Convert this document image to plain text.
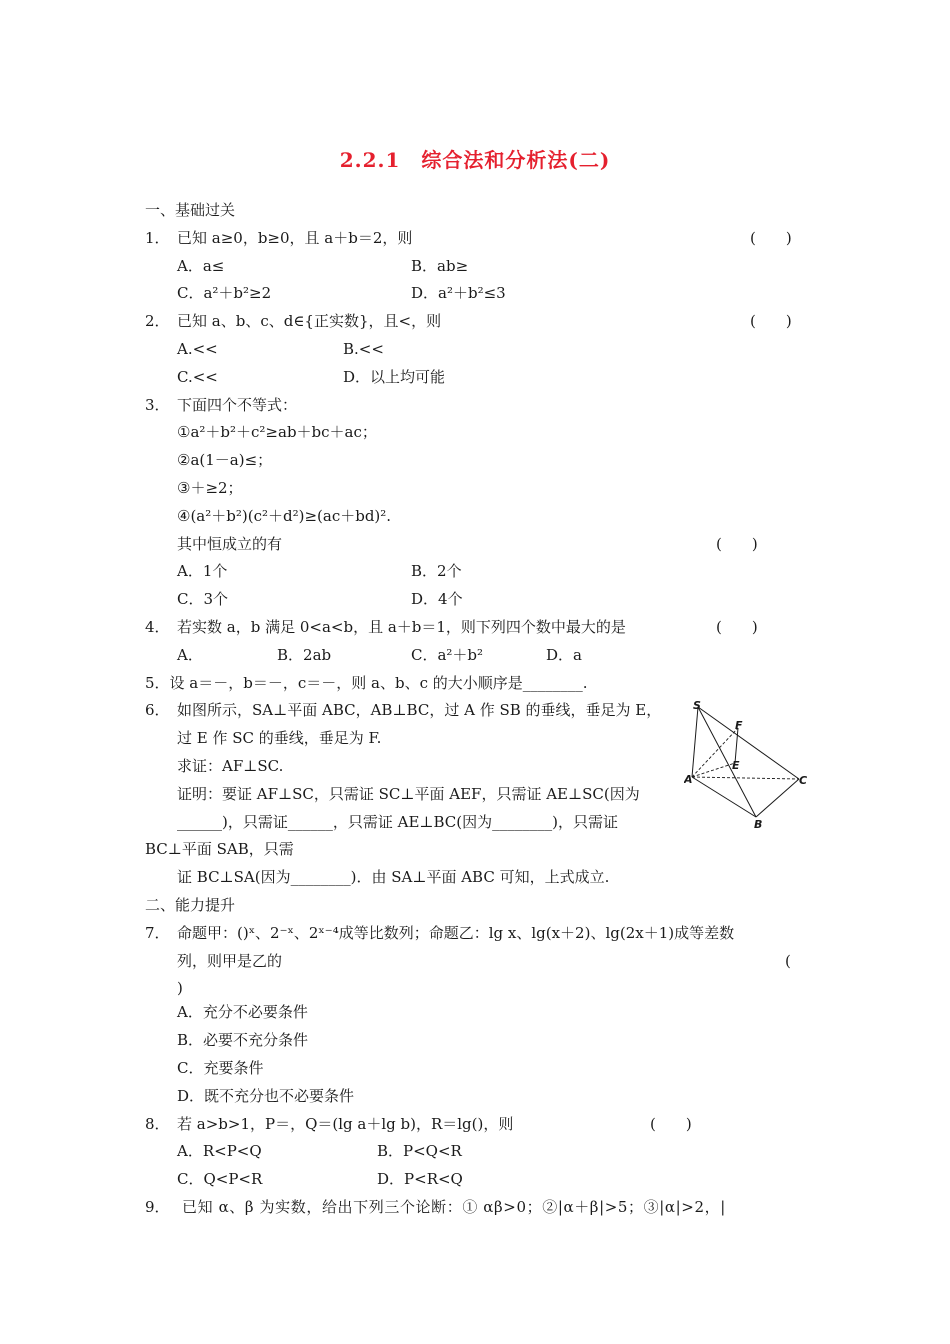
2.2.1　综合法和分析法(二)
一、基础过关
1． 已知 a≥0，b≥0，且 a＋b＝2，则	(　　)
A．a≤	B．ab≥
C．a²＋b²≥2	D．a²＋b²≤3
2． 已知 a、b、c、d∈{正实数}，且<，则	(　　)
A.<<	B.<<
C.<<	D．以上均可能
3． 下面四个不等式：
①a²＋b²＋c²≥ab＋bc＋ac；
②a(1－a)≤；
③＋≥2；
④(a²＋b²)(c²＋d²)≥(ac＋bd)².
其中恒成立的有	(　　)
A．1个	B．2个
C．3个	D．4个
4． 若实数 a，b 满足 0<a<b，且 a＋b＝1，则下列四个数中最大的是	(　　)
A．	B．2ab	C．a²＋b²	D．a
5．设 a＝－，b＝－，c＝－，则 a、b、c 的大小顺序是________.
6． 如图所示，SA⊥平面 ABC，AB⊥BC，过 A 作 SB 的垂线，垂足为 E，
过 E 作 SC 的垂线，垂足为 F.
求证：AF⊥SC.
证明：要证 AF⊥SC，只需证 SC⊥平面 AEF，只需证 AE⊥SC(因为
______)，只需证______，只需证 AE⊥BC(因为________)，只需证
BC⊥平面 SAB，只需
证 BC⊥SA(因为________)．由 SA⊥平面 ABC 可知，上式成立.
二、能力提升
7． 命题甲：()ˣ、2⁻ˣ、2ˣ⁻⁴成等比数列；命题乙：lg x、lg(x＋2)、lg(2x＋1)成等差数
列，则甲是乙的	(
)
A．充分不必要条件
B．必要不充分条件
C．充要条件
D．既不充分也不必要条件
8． 若 a>b>1，P＝，Q＝(lg a＋lg b)，R＝lg()，则	(　　)
A．R<P<Q	B．P<Q<R
C．Q<P<R	D．P<R<Q
9． 已知 α、β 为实数，给出下列三个论断：① αβ>0；②|α＋β|>5；③|α|>2，|
S
F
E
A	C
B
